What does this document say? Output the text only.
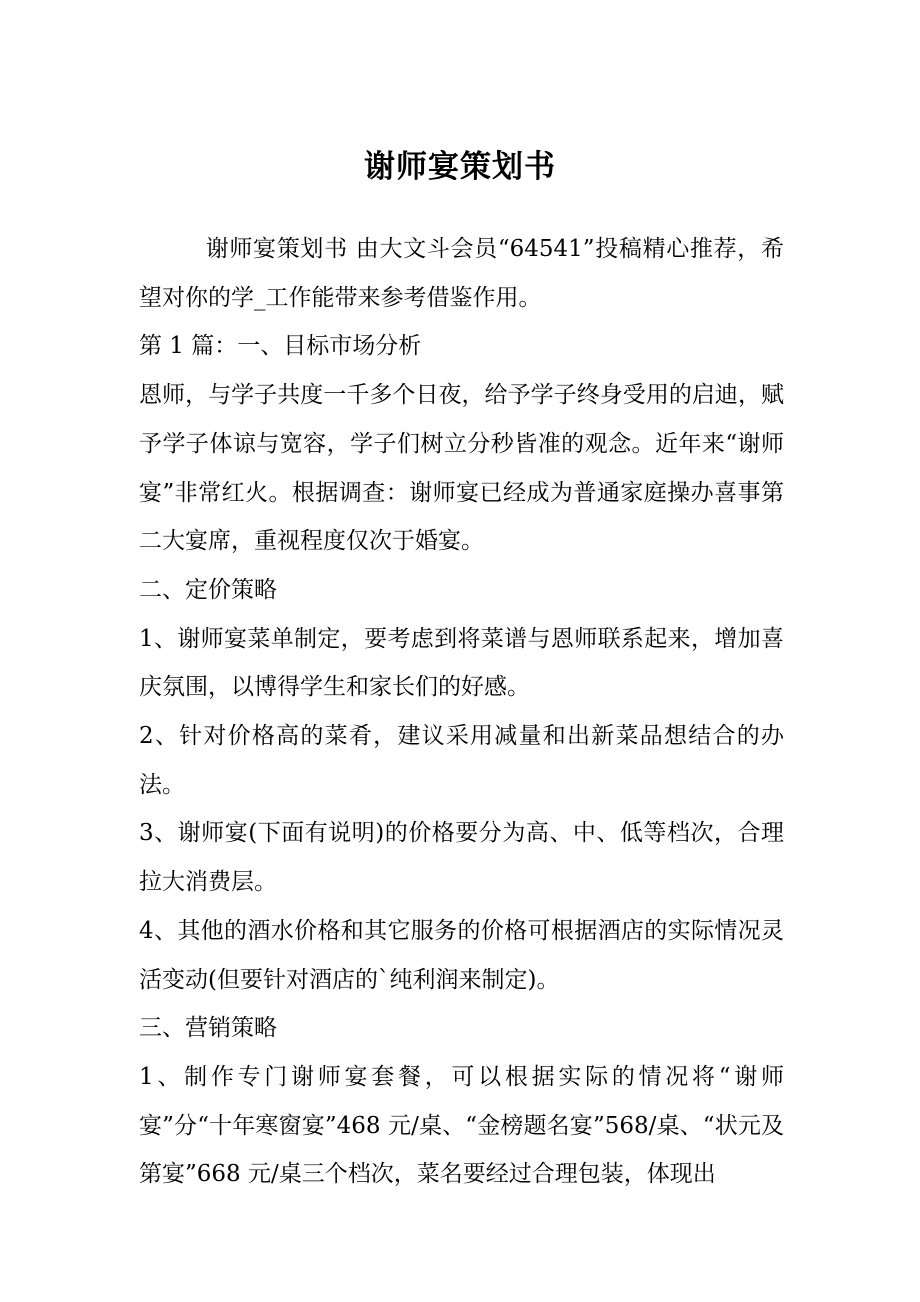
谢师宴策划书

谢师宴策划书 由大文斗会员“64541”投稿精心推荐，希望对你的学_工作能带来参考借鉴作用。

第 1 篇：一、目标市场分析

恩师，与学子共度一千多个日夜，给予学子终身受用的启迪，赋予学子体谅与宽容，学子们树立分秒皆准的观念。近年来“谢师宴”非常红火。根据调查：谢师宴已经成为普通家庭操办喜事第二大宴席，重视程度仅次于婚宴。

二、定价策略

1、谢师宴菜单制定，要考虑到将菜谱与恩师联系起来，增加喜庆氛围，以博得学生和家长们的好感。

2、针对价格高的菜肴，建议采用减量和出新菜品想结合的办法。

3、谢师宴(下面有说明)的价格要分为高、中、低等档次，合理拉大消费层。

4、其他的酒水价格和其它服务的价格可根据酒店的实际情况灵活变动(但要针对酒店的`纯利润来制定)。

三、营销策略

1、制作专门谢师宴套餐，可以根据实际的情况将“谢师宴”分“十年寒窗宴”468 元/桌、“金榜题名宴”568/桌、“状元及第宴”668 元/桌三个档次，菜名要经过合理包装，体现出
